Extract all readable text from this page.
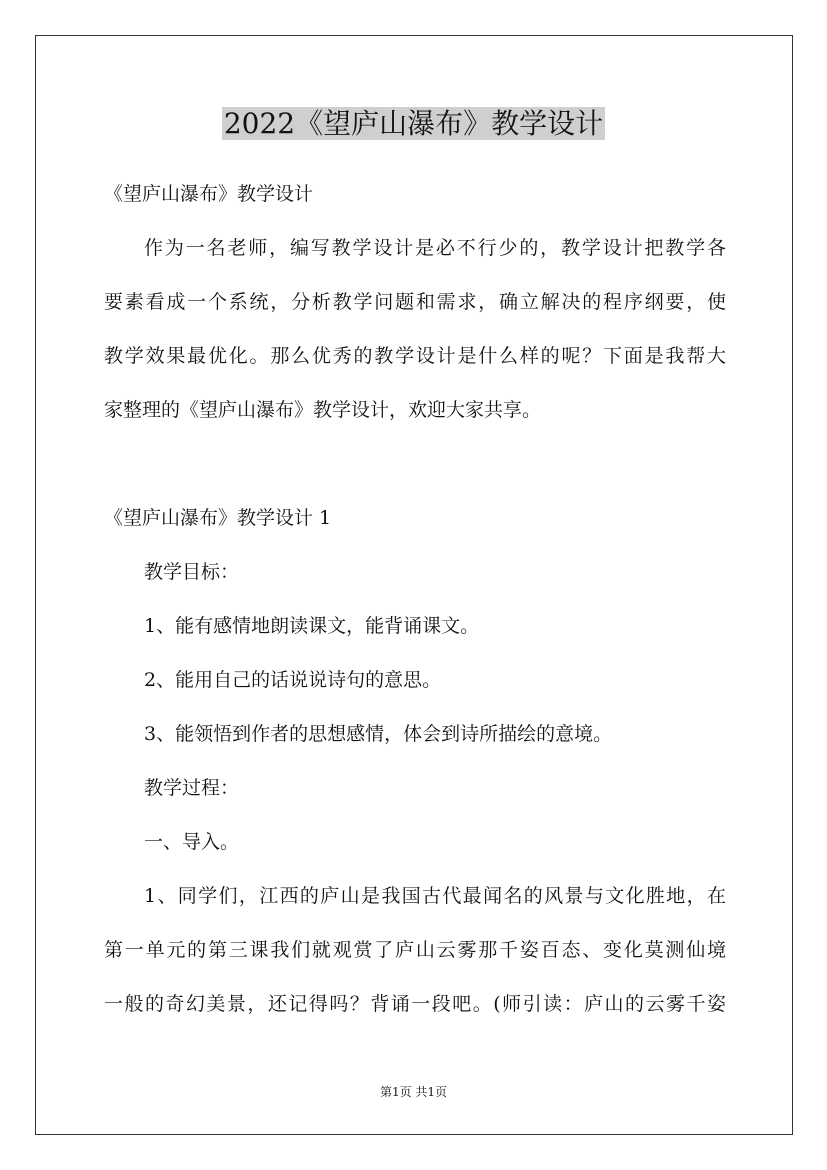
2022《望庐山瀑布》教学设计
《望庐山瀑布》教学设计
作为一名老师，编写教学设计是必不行少的，教学设计把教学各
要素看成一个系统，分析教学问题和需求，确立解决的程序纲要，使
教学效果最优化。那么优秀的教学设计是什么样的呢？下面是我帮大
家整理的《望庐山瀑布》教学设计，欢迎大家共享。
《望庐山瀑布》教学设计 1
教学目标：
1、能有感情地朗读课文，能背诵课文。
2、能用自己的话说说诗句的意思。
3、能领悟到作者的思想感情，体会到诗所描绘的意境。
教学过程：
一、导入。
1、同学们，江西的庐山是我国古代最闻名的风景与文化胜地，在
第一单元的第三课我们就观赏了庐山云雾那千姿百态、变化莫测仙境
一般的奇幻美景，还记得吗？背诵一段吧。(师引读：庐山的云雾千姿
第1页 共1页
